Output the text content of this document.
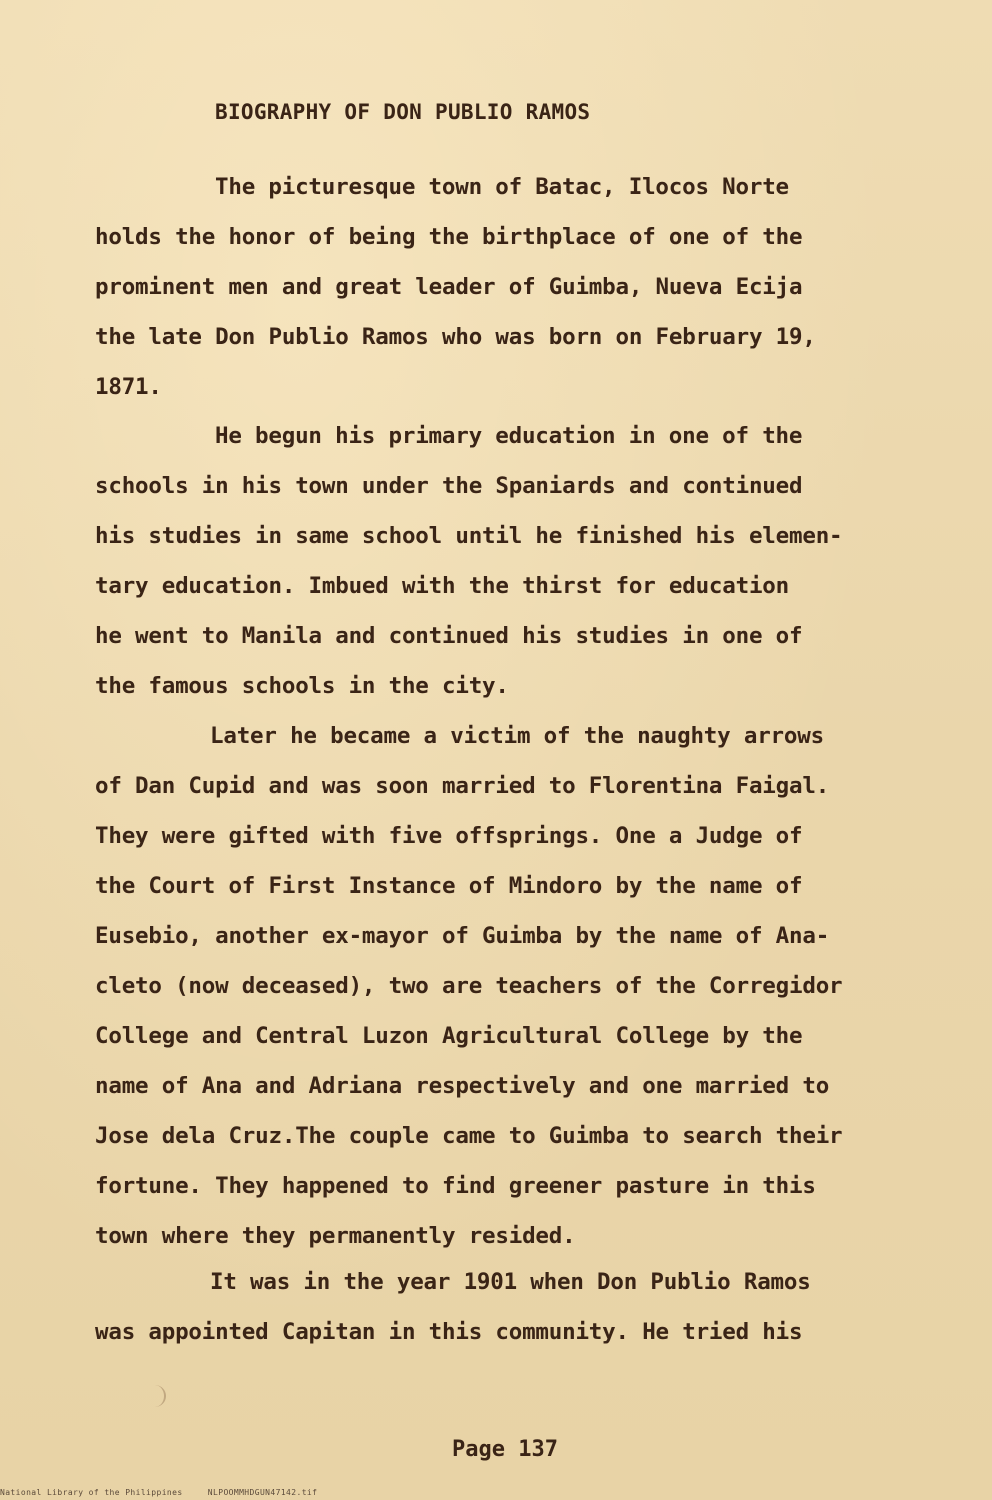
BIOGRAPHY OF DON PUBLIO RAMOS
The picturesque town of Batac, Ilocos Norte
holds the honor of being the birthplace of one of the
prominent men and great leader of Guimba, Nueva Ecija
the late Don Publio Ramos who was born on February 19,
1871.
He begun his primary education in one of the
schools in his town under the Spaniards and continued
his studies in same school until he finished his elemen-
tary education. Imbued with the thirst for education
he went to Manila and continued his studies in one of
the famous schools in the city.
Later he became a victim of the naughty arrows
of Dan Cupid and was soon married to Florentina Faigal.
They were gifted with five offsprings. One a Judge of
the Court of First Instance of Mindoro by the name of
Eusebio, another ex-mayor of Guimba by the name of Ana-
cleto (now deceased), two are teachers of the Corregidor
College and Central Luzon Agricultural College by the
name of Ana and Adriana respectively and one married to
Jose dela Cruz.The couple came to Guimba to search their
fortune. They happened to find greener pasture in this
town where they permanently resided.
It was in the year 1901 when Don Publio Ramos
was appointed Capitan in this community. He tried his
Page 137
National Library of the Philippines	NLPOOMMHDGUN47142.tif
